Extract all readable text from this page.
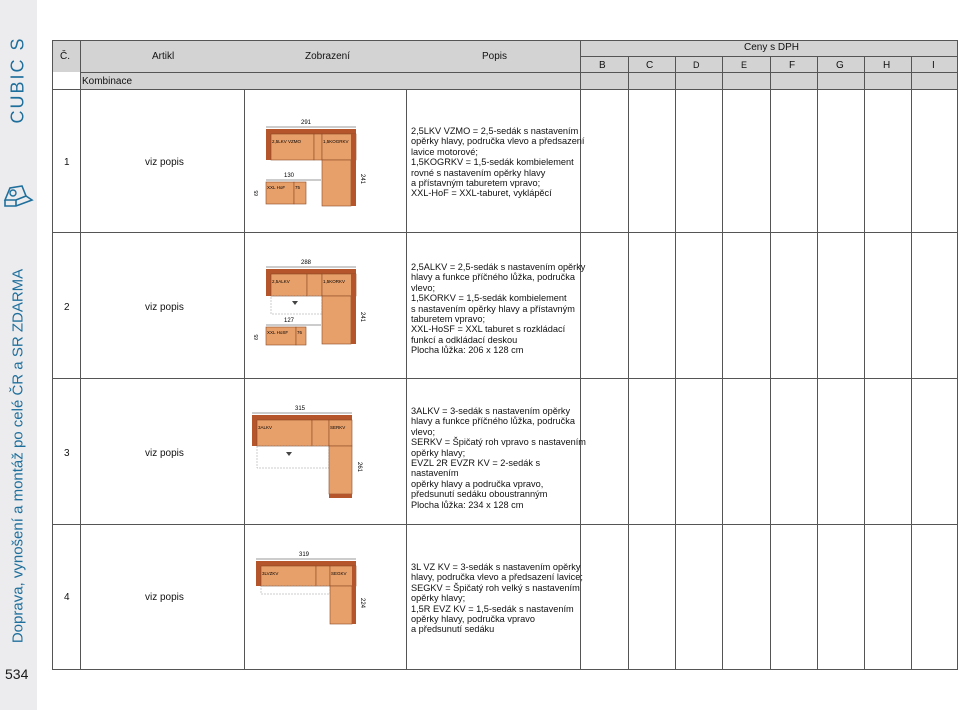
CUBIC S
Doprava, vynošení a montáž po celé ČR a SR ZDARMA
534
Č.	Artikl	Zobrazení	Popis
Ceny s DPH
Kombinace
B	C	D	E	F	G	H	I
1	viz popis
2,5LKV VZMO = 2,5-sedák s nastavením
opěrky hlavy, područka vlevo a předsazení
lavice motorové;
1,5KOGRKV = 1,5-sedák kombielement
rovné s nastavením opěrky hlavy
a přístavným taburetem vpravo;
XXL-HoF = XXL-taburet, vyklápěcí
291
2,5LKV VZMO	1,5KOGRKV
241
130
XXL HoF 75
65
2	viz popis
2,5ALKV = 2,5-sedák s nastavením opěrky
hlavy a funkce příčného lůžka, područka
vlevo;
1,5KORKV = 1,5-sedák kombielement
s nastavením opěrky hlavy a přístavným
taburetem vpravo;
XXL-HoSF = XXL taburet s rozkládací
funkcí a odkládací deskou
Plocha lůžka: 206 x 128 cm
288
2,5ALKV	1,5KORKV
241
127
XXL HoSF 76
65
3	viz popis
3ALKV = 3-sedák s nastavením opěrky
hlavy a funkce příčného lůžka, područka
vlevo;
SERKV = Špičatý roh vpravo s nastavením
opěrky hlavy;
EVZL 2R EVZR KV = 2-sedák s nastavením
opěrky hlavy a područka vpravo,
předsunutí sedáku oboustranným
Plocha lůžka: 234 x 128 cm
315
3ALKV	SERKV
261
4	viz popis
3L VZ KV = 3-sedák s nastavením opěrky
hlavy, područka vlevo a předsazení lavice;
SEGKV = Špičatý roh velký s nastavením
opěrky hlavy;
1,5R EVZ KV = 1,5-sedák s nastavením
opěrky hlavy, područka vpravo
a předsunutí sedáku
319
3LVZKV	SEGKV
224
